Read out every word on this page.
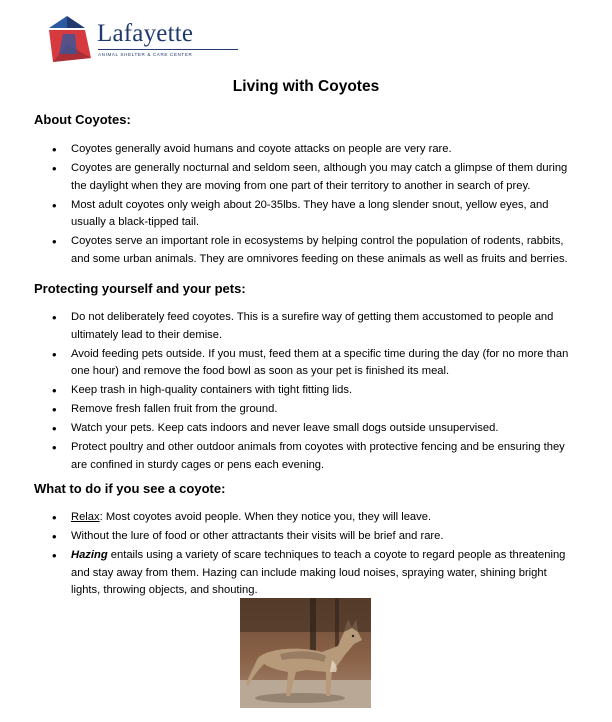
Lafayette
ANIMAL SHELTER & CARE CENTER
Living with Coyotes
About Coyotes:
• Coyotes generally avoid humans and coyote attacks on people are very rare.
• Coyotes are generally nocturnal and seldom seen, although you may catch a glimpse of them during the daylight when they are moving from one part of their territory to another in search of prey.
• Most adult coyotes only weigh about 20-35lbs. They have a long slender snout, yellow eyes, and usually a black-tipped tail.
• Coyotes serve an important role in ecosystems by helping control the population of rodents, rabbits, and some urban animals. They are omnivores feeding on these animals as well as fruits and berries.
Protecting yourself and your pets:
• Do not deliberately feed coyotes. This is a surefire way of getting them accustomed to people and ultimately lead to their demise.
• Avoid feeding pets outside. If you must, feed them at a specific time during the day (for no more than one hour) and remove the food bowl as soon as your pet is finished its meal.
• Keep trash in high-quality containers with tight fitting lids.
• Remove fresh fallen fruit from the ground.
• Watch your pets. Keep cats indoors and never leave small dogs outside unsupervised.
• Protect poultry and other outdoor animals from coyotes with protective fencing and be ensuring they are confined in sturdy cages or pens each evening.
What to do if you see a coyote:
• Relax: Most coyotes avoid people. When they notice you, they will leave.
• Without the lure of food or other attractants their visits will be brief and rare.
• Hazing entails using a variety of scare techniques to teach a coyote to regard people as threatening and stay away from them. Hazing can include making loud noises, spraying water, shining bright lights, throwing objects, and shouting.
